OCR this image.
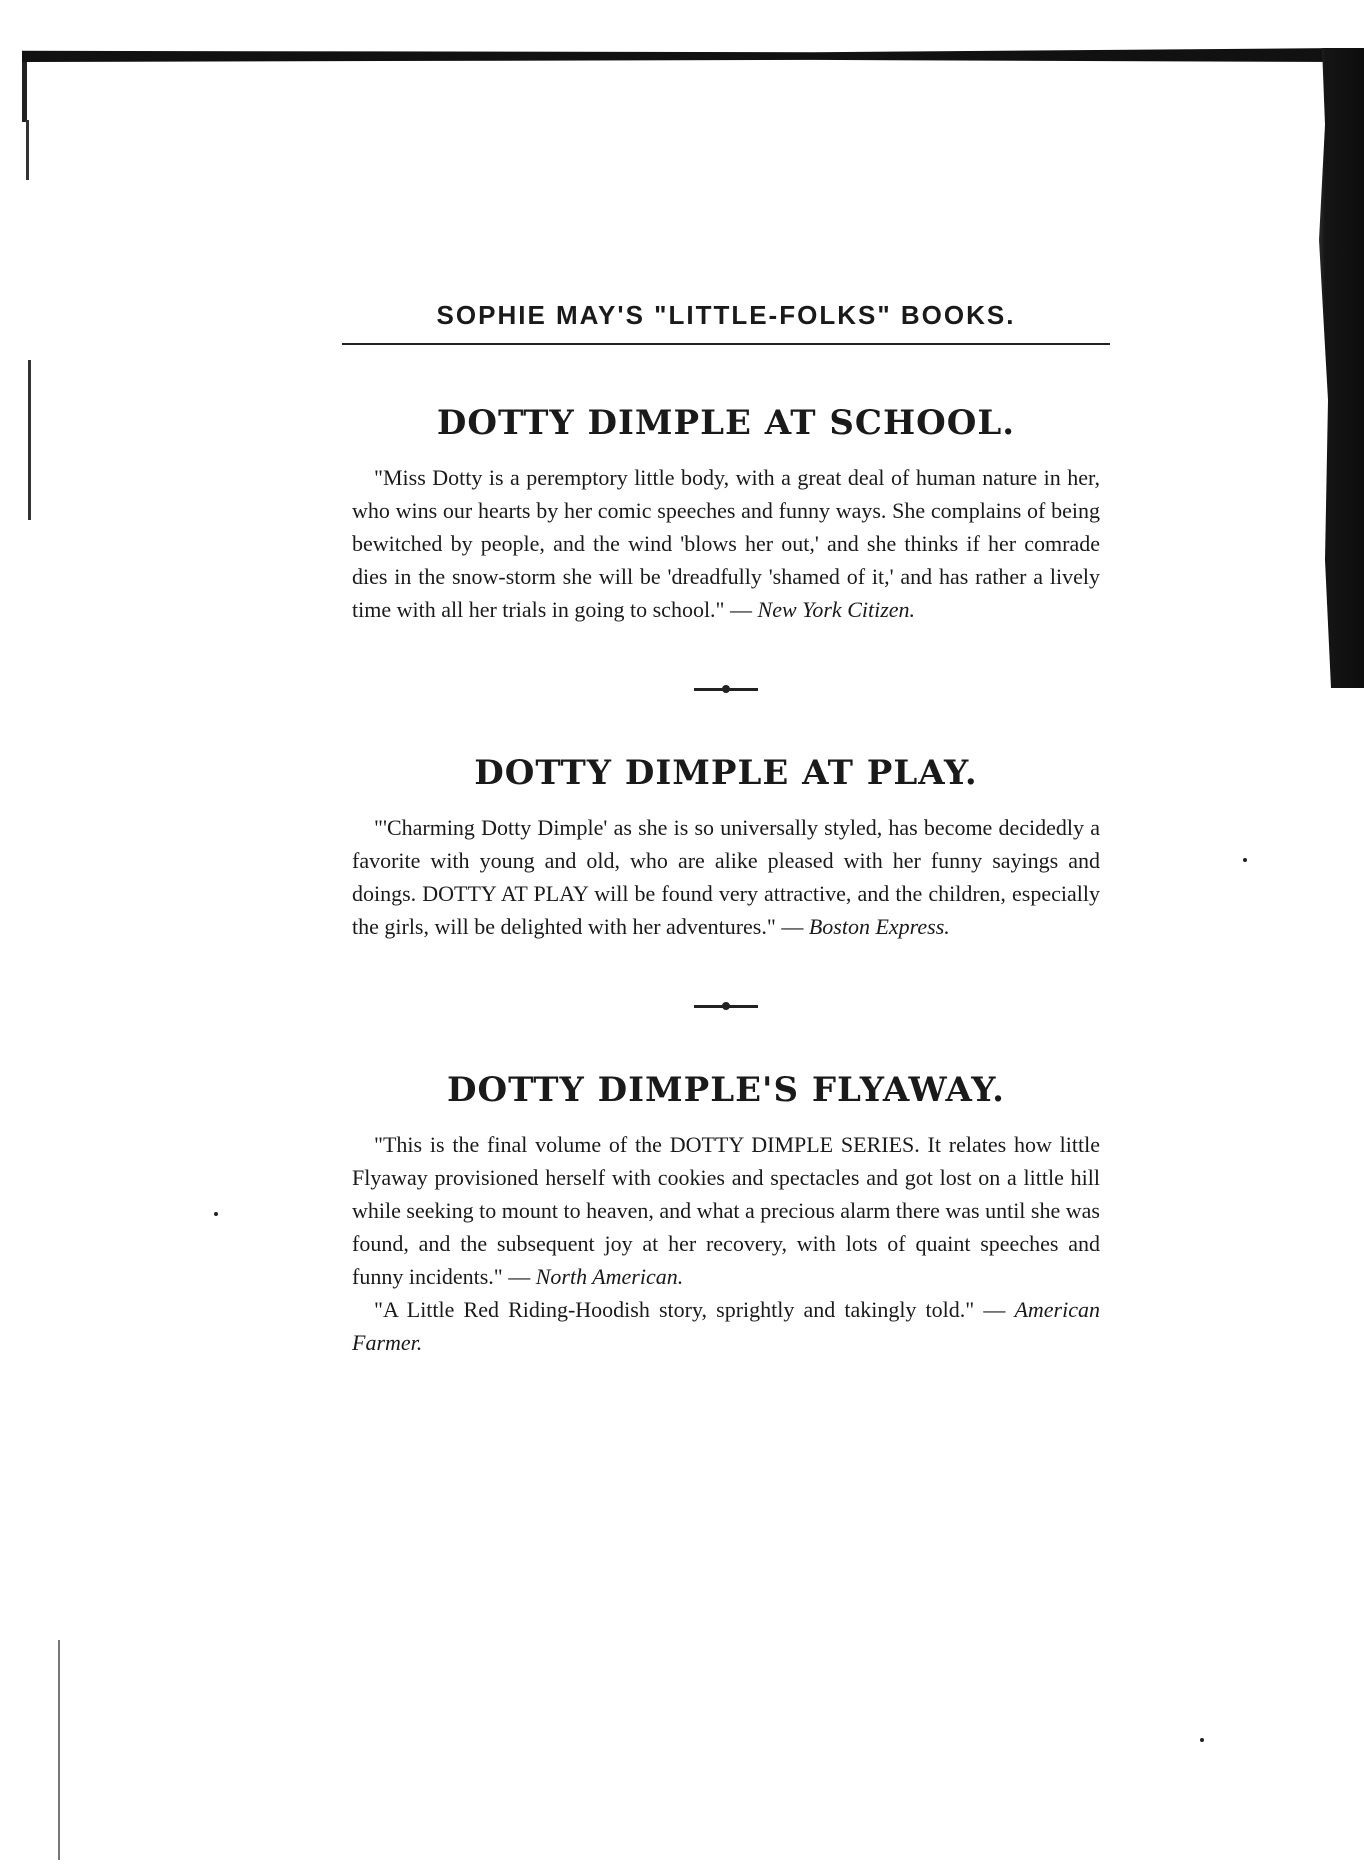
SOPHIE MAY'S "LITTLE-FOLKS" BOOKS.
DOTTY DIMPLE AT SCHOOL.

"Miss Dotty is a peremptory little body, with a great deal of human nature in her, who wins our hearts by her comic speeches and funny ways. She complains of being bewitched by people, and the wind 'blows her out,' and she thinks if her comrade dies in the snow-storm she will be 'dreadfully 'shamed of it,' and has rather a lively time with all her trials in going to school." — New York Citizen.

DOTTY DIMPLE AT PLAY.

"'Charming Dotty Dimple' as she is so universally styled, has become decidedly a favorite with young and old, who are alike pleased with her funny sayings and doings. DOTTY AT PLAY will be found very attractive, and the children, especially the girls, will be delighted with her adventures." — Boston Express.

DOTTY DIMPLE'S FLYAWAY.

"This is the final volume of the DOTTY DIMPLE SERIES. It relates how little Flyaway provisioned herself with cookies and spectacles and got lost on a little hill while seeking to mount to heaven, and what a precious alarm there was until she was found, and the subsequent joy at her recovery, with lots of quaint speeches and funny incidents." — North American.

"A Little Red Riding-Hoodish story, sprightly and takingly told." — American Farmer.
